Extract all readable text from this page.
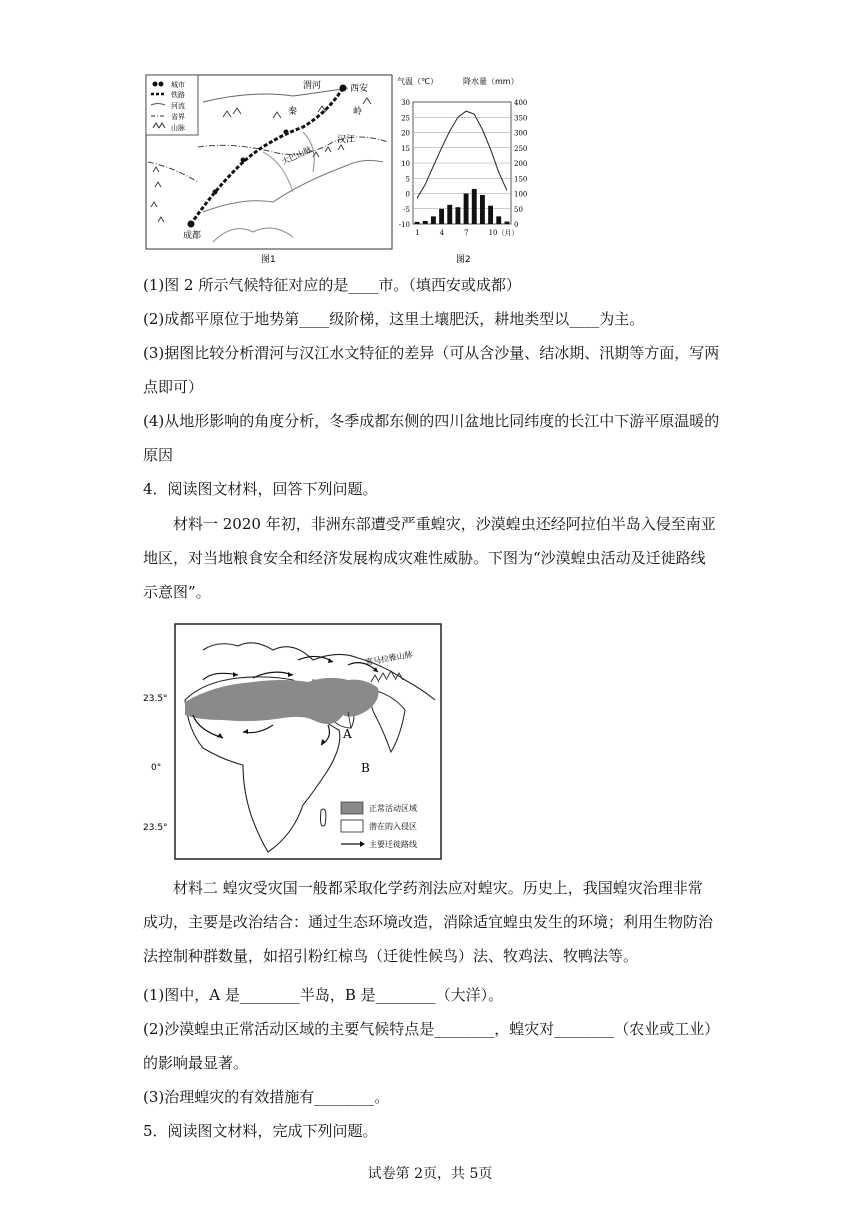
城市
铁路
河流
省界
山脉
渭河	西安
秦	岭
汉江
大巴山脉
成都
图1
气温（℃）	降水量（mm）
30	400
25	350
20	300
15	250
10	200
5	150
0	100
-5	50
-10	0
1	4	7	10（月）
图2
(1)图 2 所示气候特征对应的是____市。（填西安或成都）
(2)成都平原位于地势第____级阶梯，这里土壤肥沃，耕地类型以____为主。
(3)据图比较分析渭河与汉江水文特征的差异（可从含沙量、结冰期、汛期等方面，写两
点即可）
(4)从地形影响的角度分析，冬季成都东侧的四川盆地比同纬度的长江中下游平原温暖的
原因
4．阅读图文材料，回答下列问题。
材料一 2020 年初，非洲东部遭受严重蝗灾，沙漠蝗虫还经阿拉伯半岛入侵至南亚地区，对当地粮食安全和经济发展构成灾难性威胁。下图为“沙漠蝗虫活动及迁徙路线示意图”。
23.5°
0°
23.5°
喜马拉雅山脉
A
B
正常活动区域
潜在的入侵区
主要迁徙路线
材料二 蝗灾受灾国一般都采取化学药剂法应对蝗灾。历史上，我国蝗灾治理非常成功，主要是改治结合：通过生态环境改造，消除适宜蝗虫发生的环境；利用生物防治法控制种群数量，如招引粉红椋鸟（迁徙性候鸟）法、牧鸡法、牧鸭法等。
(1)图中，A 是________半岛，B 是________（大洋）。
(2)沙漠蝗虫正常活动区域的主要气候特点是________，蝗灾对________（农业或工业）
的影响最显著。
(3)治理蝗灾的有效措施有________。
5．阅读图文材料，完成下列问题。
试卷第 2页，共 5页
